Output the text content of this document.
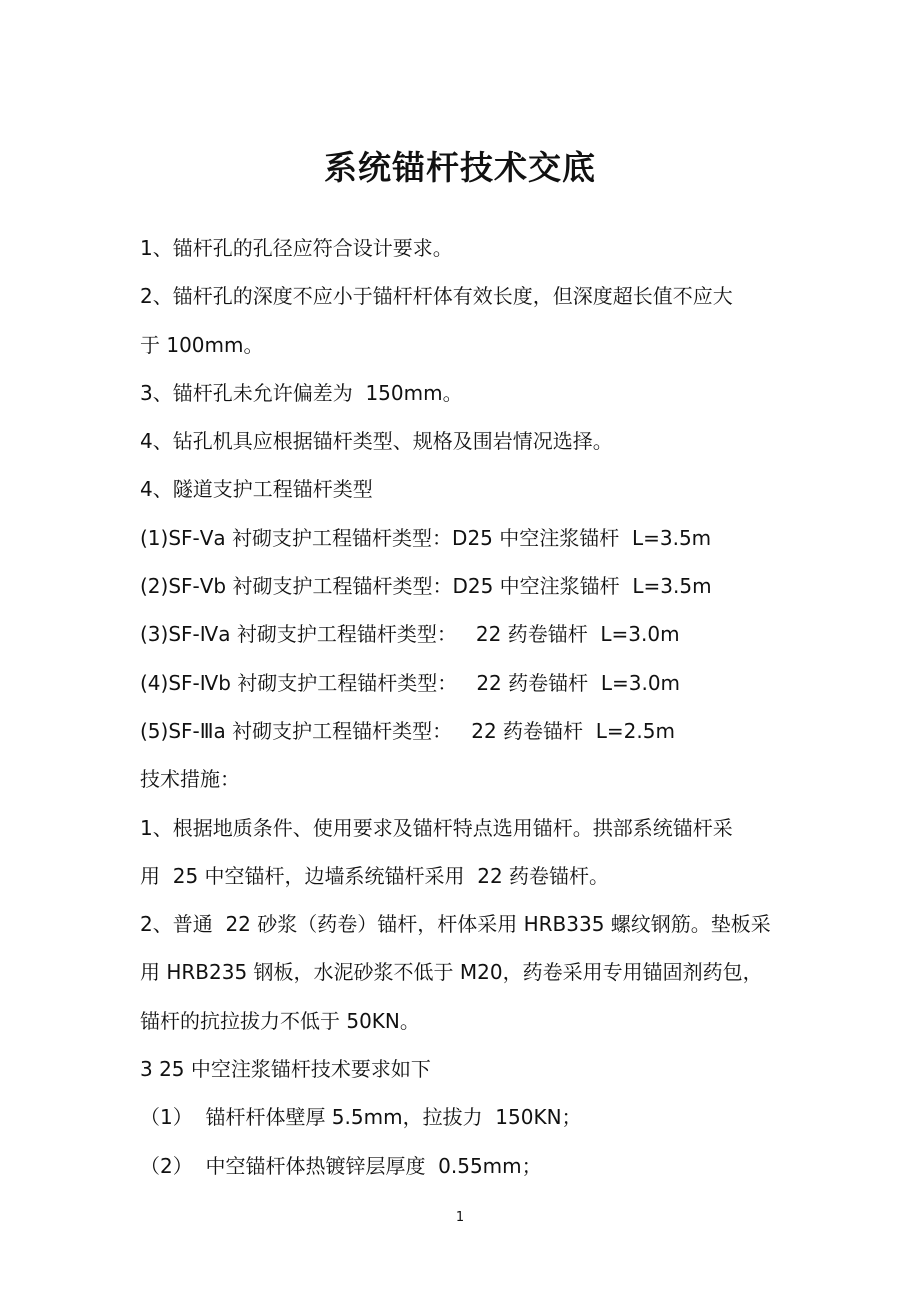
系统锚杆技术交底
1、锚杆孔的孔径应符合设计要求。
2、锚杆孔的深度不应小于锚杆杆体有效长度，但深度超长值不应大
于 100mm。
3、锚杆孔未允许偏差为  150mm。
4、钻孔机具应根据锚杆类型、规格及围岩情况选择。
4、隧道支护工程锚杆类型
(1)SF-Ⅴa 衬砌支护工程锚杆类型：D25 中空注浆锚杆  L=3.5m
(2)SF-Ⅴb 衬砌支护工程锚杆类型：D25 中空注浆锚杆  L=3.5m
(3)SF-Ⅳa 衬砌支护工程锚杆类型：   22 药卷锚杆  L=3.0m
(4)SF-Ⅳb 衬砌支护工程锚杆类型：   22 药卷锚杆  L=3.0m
(5)SF-Ⅲa 衬砌支护工程锚杆类型：   22 药卷锚杆  L=2.5m
技术措施：
1、根据地质条件、使用要求及锚杆特点选用锚杆。拱部系统锚杆采
用  25 中空锚杆，边墙系统锚杆采用  22 药卷锚杆。
2、普通  22 砂浆（药卷）锚杆，杆体采用 HRB335 螺纹钢筋。垫板采
用 HRB235 钢板，水泥砂浆不低于 M20，药卷采用专用锚固剂药包，
锚杆的抗拉拔力不低于 50KN。
3 25 中空注浆锚杆技术要求如下
（1）  锚杆杆体壁厚 5.5mm，拉拔力  150KN；
（2）  中空锚杆体热镀锌层厚度  0.55mm；
1
